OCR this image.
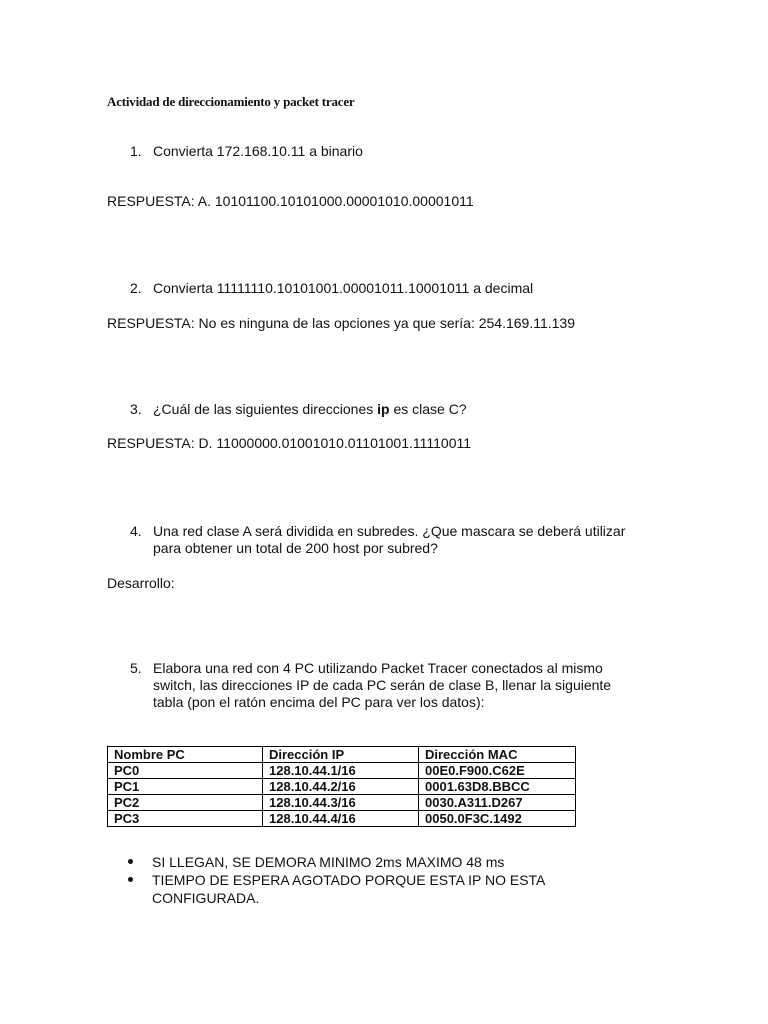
Actividad de direccionamiento y packet tracer
1. Convierta 172.168.10.11 a binario
RESPUESTA: A. 10101100.10101000.00001010.00001011
2. Convierta 11111110.10101001.00001011.10001011 a decimal
RESPUESTA: No es ninguna de las opciones ya que sería: 254.169.11.139
3. ¿Cuál de las siguientes direcciones ip es clase C?
RESPUESTA: D. 11000000.01001010.01101001.11110011
4. Una red clase A será dividida en subredes. ¿Que mascara se deberá utilizar para obtener un total de 200 host por subred?
Desarrollo:
5. Elabora una red con 4 PC utilizando Packet Tracer conectados al mismo switch, las direcciones IP de cada PC serán de clase B, llenar la siguiente tabla (pon el ratón encima del PC para ver los datos):
Nombre PC	Dirección IP	Dirección MAC
PC0	128.10.44.1/16	00E0.F900.C62E
PC1	128.10.44.2/16	0001.63D8.BBCC
PC2	128.10.44.3/16	0030.A311.D267
PC3	128.10.44.4/16	0050.0F3C.1492
SI LLEGAN, SE DEMORA MINIMO 2ms MAXIMO 48 ms
TIEMPO DE ESPERA AGOTADO PORQUE ESTA IP NO ESTA CONFIGURADA.
